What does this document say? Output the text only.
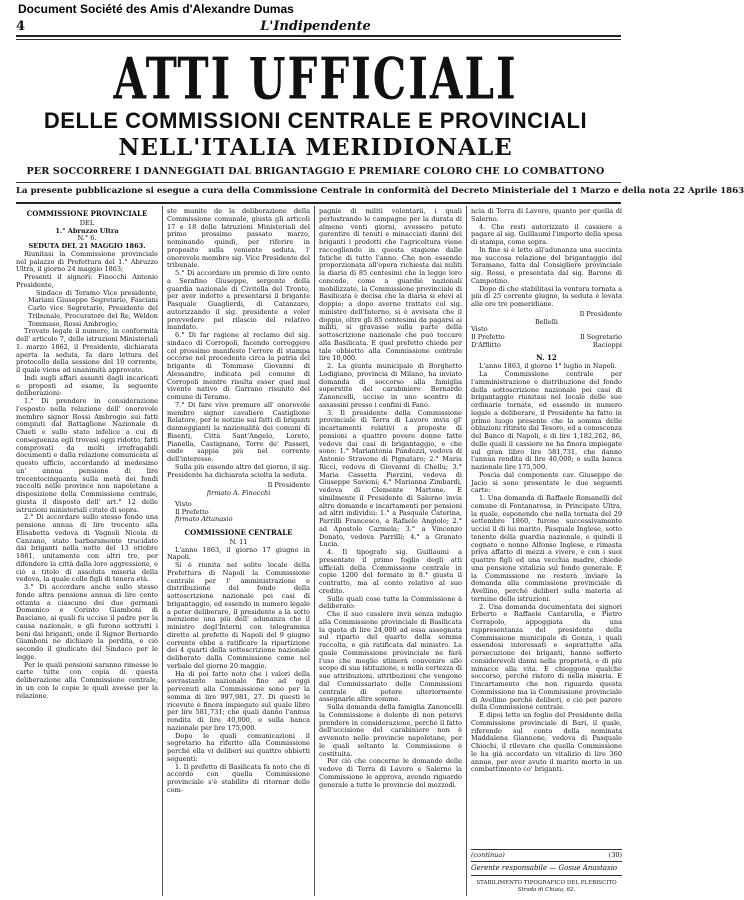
Document Société des Amis d'Alexandre Dumas
4	L'Indipendente
ATTI UFFICIALI
DELLE COMMISSIONI CENTRALE E PROVINCIALI
NELL'ITALIA MERIDIONALE
PER SOCCORRERE I DANNEGGIATI DAL BRIGANTAGGIO E PREMIARE COLORO CHE LO COMBATTONO
La presente pubblicazione si esegue a cura della Commissione Centrale in conformità del Decreto Ministeriale del 1 Marzo e della nota 22 Aprile 1863

COMMISSIONE PROVINCIALE

DEL

1.° Abruzzo Ultra

N.° 6.

SEDUTA DEL 21 MAGGIO 1863.

Riunitasi la Commissione provinciale nel palazzo di Prefettura del 1.° Abruzzo Ultra, il giorno 24 maggio 1863;

Presenti il signori: Finocchi Antonio Presidente,

Sindaco di Teramo Vice presidente, Mariani Giuseppe Segretario, Fasciani Carlo vice Segretario, Presidente del Tribunale, Procuratore del Re, Weldon Tommaso, Rossi Ambrogio;

Trovato legale il numero, in conformità dell' articolo 7, delle istruzioni Ministeriali 1. marzo 1862, il Presidente, dichiarata aperta la seduta, fa dare lettura del protocollo della sessione del 10 corrente, il quale viene ad unanimità approvato.

Indi sugli affari assunti dagli incaricati e proposti ad esame, la seguente deliberazioni:

1.° Di prendere in considerazione l'esposto nella relazione dell' onorevole membro signor Rossi Ambrogio sui fatti compiuti dal Battaglione Nazionale di Chieti e sullo stato infelice a cui di conseguenza egli trovasi oggi ridotto, fatti comprovati da molti irrefragabili documenti e dalla relazione comunicata al questo ufficio, accordando al medesimo un' annua pensione di lire trecentocinquanta sulla metà dei fondi raccolti nelle province non napoletane a disposizione della Commissione centrale, giusta il disposto dell' art.° 12 delle istruzioni ministeriali citate di sopra.

2.° Di accordare sullo stesso fondo una pensione annua di lire trecento alla Elisabetta vedova di Vagnoli Nicola di Canzano, stato barbaramente trucidato dai briganti nella notte del 13 ottobre 1861, unitamente con altri tre, per difendere la città dalla loro aggressione, e ciò a titolo di assoluta miseria della vedova, la quale colle figli di tenera età.

3.° Di accordare anche sullo stesso fondo altra pensione annua di lire cento ottanta a ciascuno dei due germani Domenico e Corinto Giamboni di Basciano, ai quali fu ucciso il padre per la causa nazionale, e gli furono sottratti i beni dai briganti, onde il Signor Bernardo Giamboni ne dichiarò la perdita, e ciò secondo il giudicato del Sindaco per le legge.

Per le quali pensioni saranno rimesse le carte tutte con copia di questa deliberazione alla Commissione centrale, in un con le copie le quali avesse per la relazione.

ste munite de la deliberazione della Commissione comunale, giusta gli articoli 17 e 18 delle Istruzioni Ministeriali del primo prossimo passato marzo, nominando quindi, per riferire in proposito sulla veniente seduta, l' onorevole membro sig. Vice Presidente del tribunale.

5.° Di accordare un premio di lire cento a Serafino Giuseppe, sergente della guardia nazionale di Civitella del Tronto, per aver indotto a presentarsi il brigante Pasquale Guaglierdi, di Catanzaro, autorizzando il sig. presidente a voler provvedere pel rilascio del relativo mandato.

6.° Di far ragione al reclamo del sig. sindaco di Corropoli, facendo correggere col prossimo manifesto l'errore di stampa occorso nel precedente circa la patria del brigante di Tommaso Giovanni di Alessandro, indicata pel comune di Corropoli mentre risulta esser quel mal vivente nativo di Garrano risunito del comune di Teramo.

7.° Di fare vive premure all' onorevole membro signor cavaliere Castiglione Relatore, per le notizie sui fatti di briganti danneggianti la nazionalità dei comuni di Bisenti, Città Sant'Angelo, Loreto, Pianella, Castignano, Torre de' Passeri, onde sappia più nel corrente dell'interesse.

Sulla più essendo altro del giorno, il sig. Presidente ha dichiarata sciolta la seduta.

Il Presidente

firmato A. Finocchi

Visto

Il Prefetto

firmato Attanasio

COMMISSIONE CENTRALE

N. 11

L'anno 1863, il giorno 17 giugno in Napoli.

Si è riunita nel solito locale della Prefettura di Napoli la Commissione centrale per l' amministrazione e distribuzione del fondo della sottoscrizione nazionale pei casi di brigantaggio, ed essendo in numero legale a poter deliberare, il presidente a la sotto menzione una più dell' adunanza che il ministro degl'Interni con telegramma diretto al prefetto di Napoli del 9 giugno corrente ebbe a ratificare la ripartizione dei 4 quarti della sottoscrizione nazionale deliberato dalla Commissione come nel verbale del giorno 20 maggio.

Ha di poi fatto noto che i valori della sovrastante nazionale fino ad oggi pervenuti alla Commissione sono per la somma di lire 997,981, 27. Di questi le ricevute è finora impiegato sul quale libro per lire 581,731; che quali danno l'annua rendita di lire 40,000, e sulla banca nazionale per lire 175,000.

Dopo le quali comunicazioni il segretario ha riferito alla Commissione perché ella vi deliberi sui quattro obbietti seguenti:

1. Il prefetto di Basilicata fa noto che di accordo con quella Commissione provinciale s'è stabilito di ritornar delle com-

pagnie di militi volontarii, i quali perlustrando le campagne per la durata di almeno venti giorni, avessero potuto garentire di tenuti e minacciati danni dei briganti i prodotti che l'agricoltura viene raccogliendo in questa stagione dalle fatiche di tutto l'anno. Che non essendo proporzionata all'opera richiesta dai militi la diaria di 85 centesimi che la legge loro concede, come a guardie nazionali mobilizzate, la Commissione provinciale di Basilicata è decisa che la diaria si elevi al doppio; a dopo averne trattato col sig. ministro dell'Interno, si è avvisata che il doppio, oltre gli 85 centesimi da pagarsi ai militi, si gravasse sulla parte della sottoscrizione nazionale che può toccare alla Basilicata. E quel prefetto chiede per tale obbietto alla Commissione centrale lire 10,000.

2. La giunta municipale di Borghetto Lodigiano, provincia di Milano, ha inviato domanda di soccorso alla famiglia superstite del carabiniere Bernardo Zanoncelli, ucciso in uno scontro di assassini presso i confini di Fano.

3. Il presidente della Commissione provinciale di Terra di Lavoro invia gl' incartamenti relativi a proposte di pensioni a quattro povere donne fatte vedove dai casi di brigantaggio, e che sono: 1.° Mariantonia Pandozzi, vedova di Antonio Stravone di Pignataro; 2.° Maria Ricci, vedova di Giovanni di Chellu; 3.° Maria Cassetta Pierzini, vedova di Giuseppe Savioni; 4.° Marianna Zimbardi, vedova di Clemente Martone. E similmente il Presidente di Salerno invia altre domande e incartamenti per pensioni ad altri individui: 1.° a Pasquale Caterina, Parrilli Francesco, a Rafaele Angiolo; 2.° ad Apostolo Carmela; 3.° a Vincenzo Donato, vedova Parrilli; 4.° a Granato Lucia.

4. Il tipografo sig. Guillaumi a presentato il primo foglio degli atti ufficiali della Commissione centrale in copie 1200 del formato in 8.° giusta il contratto, ma al conto relativo al suo credito.

Sulle quali cose tutte la Commissione à deliberato:

Che il suo cassiere invii senza indugio alla Commissione provinciale di Basilicata la quota di lire 24,000 ad essa assegnata sul riparto del quarto della somma raccolta, e già ratificata dal ministro. La quale Commissione provinciale ne farà l'uso che meglio stimerà convenire allo scopo di sua istituzione, e nella certezza di sue attribuzioni, attribuzioni che vengono dal Commissariato delle Commissioni centrale di potere ulteriormente assegnarle altre somme.

Sulla domanda della famiglia Zanoncelli la Commissione è dolente di non potervi prendere in considerazione, perché il fatto dell'uccisione del carabiniere non è avvenuto nelle provincie napoletane, per le quali soltanto la Commissione è costituita.

Per ciò che concerne le domande delle vedove di Terra di Lavoro e Salerno la Commissione le approva, avendo riguardo generale a tutte le provincie del mezzodì.

ncia di Terra di Lavoro, quanto per quella di Salerno.

4. Che resti autorizzato il cassiere a pagare al sig. Guillaumi l'importo della spesa di stampa, come sopra.

In fine si è letto all'adunanza una succinta ma succosa relazione del brigantaggio del Teramano, fatta dal Consigliere provinciale sig. Rossi, e presentata dal sig. Barone di Campotino.

Dopo di che stabilitasi la ventura tornata a più di 25 corrente giugno, la seduta è levata alle ore tre pomeridiane.

Il Presidente

Bellelli

Visto
Il Prefetto
D'Afflitto

Il Segretario
Racioppi

N. 12

L'anno 1863, il giorno 1° luglio in Napoli.

La Commissione centrale per l'amministrazione e distribuzione del fondo della sottoscrizione nazionale pei casi di brigantaggio riunitasi nel locale delle sue ordinarie tornate, ed essendo in numero legale a deliberare, il Presidente ha fatto in primo luogo presente che la somma delle oblazioni ritirate dal Tesoro, ed a conoscenza del Banco di Napoli, è di lire 1,182,262, 86, delle quali il cassiere ne ha finora impiegate sul gran libro lire 581,731, che danno l'annua rendita di lire 40,000; e sulla banca nazionale lire 175,500.

Poscia dal componente cav. Giuseppe de Jacio si sono presentate le due seguenti carte:

1. Una domanda di Raffaele Romanelli del comune di Fontanarosa, in Principato Ultra, la quale, esponendo che nella tornata del 29 settembre 1860, furono successivamente uccisi il di lui marito, Pasquale Inglese, sotto tenente della guardia nazionale, e quindi il cognato e nonno Alfonso Inglese, e rimasta priva affatto di mezzi a vivere, e con i suoi quattro figli ed una vecchia madre, chiede una pensione vitalizia sul fondo generale. E la Commissione ne resterà inviare la domanda alla commissione provinciale di Avellino, perché deliberi sulla materia al termine delle istruzioni.

2. Una domanda documentata dei signori Erberto e Raffaele Cantarella, e Pietro Cerrapolo, appoggiata da una rappresentanza del presidente della Commissione municipale di Gonza, i quali essendosi interessati e soprattutto alla persecuzione dei briganti, hanno sofferto considerevoli danni nella proprietà, e di più minacce alla vita. E chieggono qualche soccorso, perché ristoro di nella miseria. E l'incartamento che non riguarda questa Commissione ma la Commissione provinciale di Avellino perchè deliberi, e ciò per parere della Commissione centrale.

E dipoi letto un foglio del Presidente della Commissione provinciale di Bari, il quale, riferendo sul conto della nominata Maddalena Giannone, vedova di Pasquale Chiochi, il rilevare che quella Commissione le ha già accordato un vitalizio di lire 360 annue, per aver avuto il marito morto in un combattimento co' briganti.

(continua)	(30)
Gerente responsabile — Gosue Anastasio
STABILIMENTO TIPOGRAFICO DEL PLEBISCITO
Strada di Chiaia, 62.
